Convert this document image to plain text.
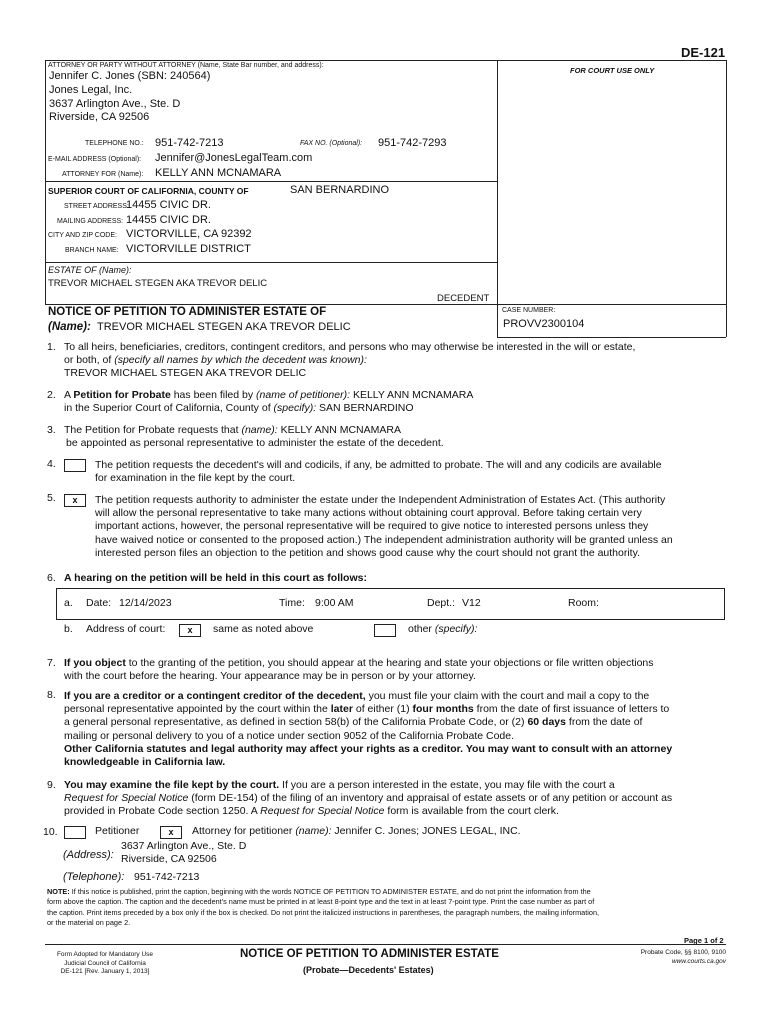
DE-121
ATTORNEY OR PARTY WITHOUT ATTORNEY (Name, State Bar number, and address):
FOR COURT USE ONLY
Jennifer C. Jones (SBN: 240564)
Jones Legal, Inc.
3637 Arlington Ave., Ste. D
Riverside, CA 92506
TELEPHONE NO.: 951-742-7213	FAX NO. (Optional): 951-742-7293
E-MAIL ADDRESS (Optional): Jennifer@JonesLegalTeam.com
ATTORNEY FOR (Name): KELLY ANN MCNAMARA
SUPERIOR COURT OF CALIFORNIA, COUNTY OF	SAN BERNARDINO
STREET ADDRESS:
14455 CIVIC DR.
MAILING ADDRESS: 14455 CIVIC DR.
CITY AND ZIP CODE: VICTORVILLE, CA 92392
BRANCH NAME: VICTORVILLE DISTRICT
ESTATE OF (Name):
TREVOR MICHAEL STEGEN AKA TREVOR DELIC
DECEDENT
NOTICE OF PETITION TO ADMINISTER ESTATE OF
(Name): TREVOR MICHAEL STEGEN AKA TREVOR DELIC
CASE NUMBER:
PROVV2300104
1. To all heirs, beneficiaries, creditors, contingent creditors, and persons who may otherwise be interested in the will or estate,
or both, of (specify all names by which the decedent was known):
TREVOR MICHAEL STEGEN AKA TREVOR DELIC
2. A Petition for Probate has been filed by (name of petitioner): KELLY ANN MCNAMARA
in the Superior Court of California, County of (specify): SAN BERNARDINO
3. The Petition for Probate requests that (name): KELLY ANN MCNAMARA
be appointed as personal representative to administer the estate of the decedent.
4.	The petition requests the decedent's will and codicils, if any, be admitted to probate. The will and any codicils are available
for examination in the file kept by the court.
5.	x	The petition requests authority to administer the estate under the Independent Administration of Estates Act. (This authority
will allow the personal representative to take many actions without obtaining court approval. Before taking certain very
important actions, however, the personal representative will be required to give notice to interested persons unless they
have waived notice or consented to the proposed action.) The independent administration authority will be granted unless an
interested person files an objection to the petition and shows good cause why the court should not grant the authority.
6. A hearing on the petition will be held in this court as follows:
a. Date: 12/14/2023	Time: 9:00 AM	Dept.: V12	Room:
b. Address of court:	x	same as noted above	other (specify):
7. If you object to the granting of the petition, you should appear at the hearing and state your objections or file written objections
with the court before the hearing. Your appearance may be in person or by your attorney.
8. If you are a creditor or a contingent creditor of the decedent, you must file your claim with the court and mail a copy to the
personal representative appointed by the court within the later of either (1) four months from the date of first issuance of letters to
a general personal representative, as defined in section 58(b) of the California Probate Code, or (2) 60 days from the date of
mailing or personal delivery to you of a notice under section 9052 of the California Probate Code.
Other California statutes and legal authority may affect your rights as a creditor. You may want to consult with an attorney
knowledgeable in California law.
9. You may examine the file kept by the court. If you are a person interested in the estate, you may file with the court a
Request for Special Notice (form DE-154) of the filing of an inventory and appraisal of estate assets or of any petition or account as
provided in Probate Code section 1250. A Request for Special Notice form is available from the court clerk.
10.	Petitioner	x	Attorney for petitioner (name): Jennifer C. Jones; JONES LEGAL, INC.
(Address):
3637 Arlington Ave., Ste. D
Riverside, CA 92506
(Telephone): 951-742-7213
NOTE: If this notice is published, print the caption, beginning with the words NOTICE OF PETITION TO ADMINISTER ESTATE, and do not print the information from the
form above the caption. The caption and the decedent's name must be printed in at least 8-point type and the text in at least 7-point type. Print the case number as part of
the caption. Print items preceded by a box only if the box is checked. Do not print the italicized instructions in parentheses, the paragraph numbers, the mailing information,
or the material on page 2.
Page 1 of 2
Form Adopted for Mandatory Use
Judicial Council of California
DE-121 [Rev. January 1, 2013]
NOTICE OF PETITION TO ADMINISTER ESTATE
(Probate—Decedents' Estates)
Probate Code, §§ 8100, 9100
www.courts.ca.gov
